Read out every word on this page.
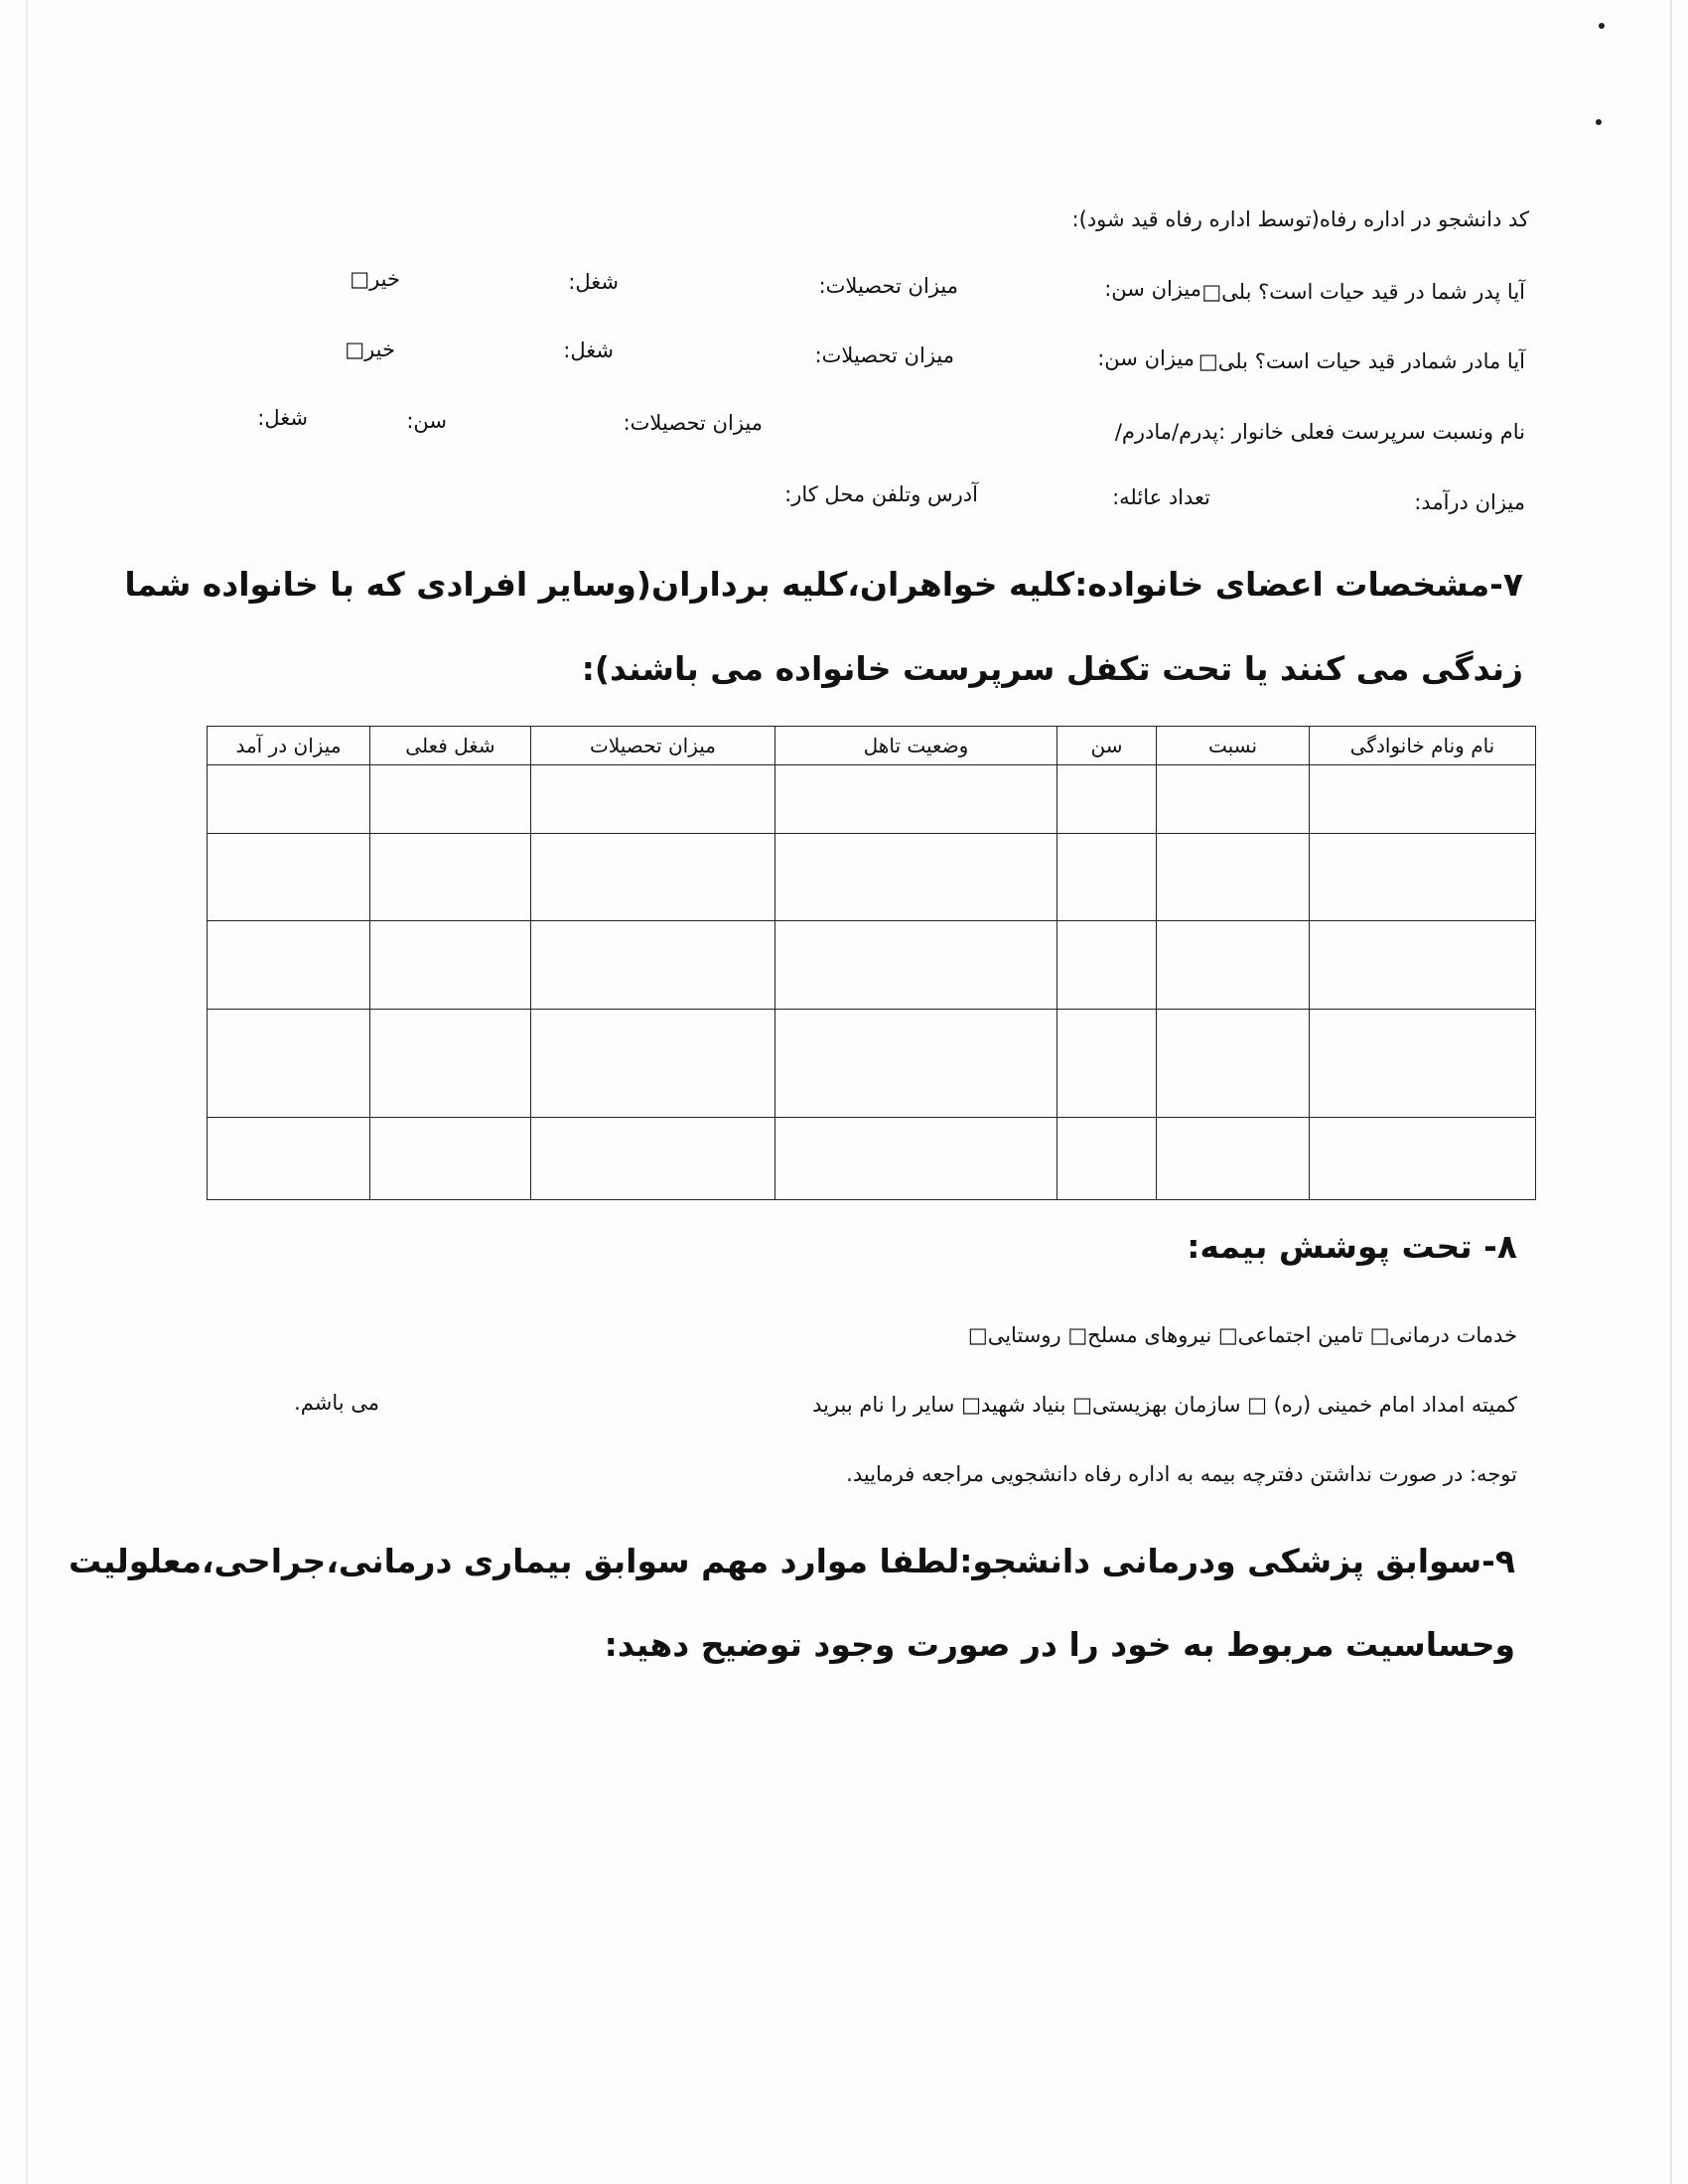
کد دانشجو در اداره رفاه(توسط اداره رفاه قید شود):
آیا پدر شما در قید حیات است؟ بلی□
میزان سن:
میزان تحصیلات:
شغل:
خیر□
آیا مادر شمادر قید حیات است؟ بلی□
میزان سن:
میزان تحصیلات:
شغل:
خیر□
نام ونسبت سرپرست فعلی خانوار :پدرم/مادرم/
میزان تحصیلات:
سن:
شغل:
میزان درآمد:
تعداد عائله:
آدرس وتلفن محل کار:
۷-مشخصات اعضای خانواده:کلیه خواهران،کلیه برداران(وسایر افرادی که با خانواده شما
زندگی می کنند یا تحت تکفل سرپرست خانواده می باشند):
نام ونام خانوادگی	نسبت	سن	وضعیت تاهل	میزان تحصیلات	شغل فعلی	میزان در آمد

۸- تحت پوشش بیمه:
خدمات درمانی□ تامین اجتماعی□ نیروهای مسلح□ روستایی□
کمیته امداد امام خمینی (ره) □ سازمان بهزیستی□ بنیاد شهید□ سایر را نام ببرید
می باشم.
توجه: در صورت نداشتن دفترچه بیمه به اداره رفاه دانشجویی مراجعه فرمایید.
۹-سوابق پزشکی ودرمانی دانشجو:لطفا موارد مهم سوابق بیماری درمانی،جراحی،معلولیت
وحساسیت مربوط به خود را در صورت وجود توضیح دهید:
